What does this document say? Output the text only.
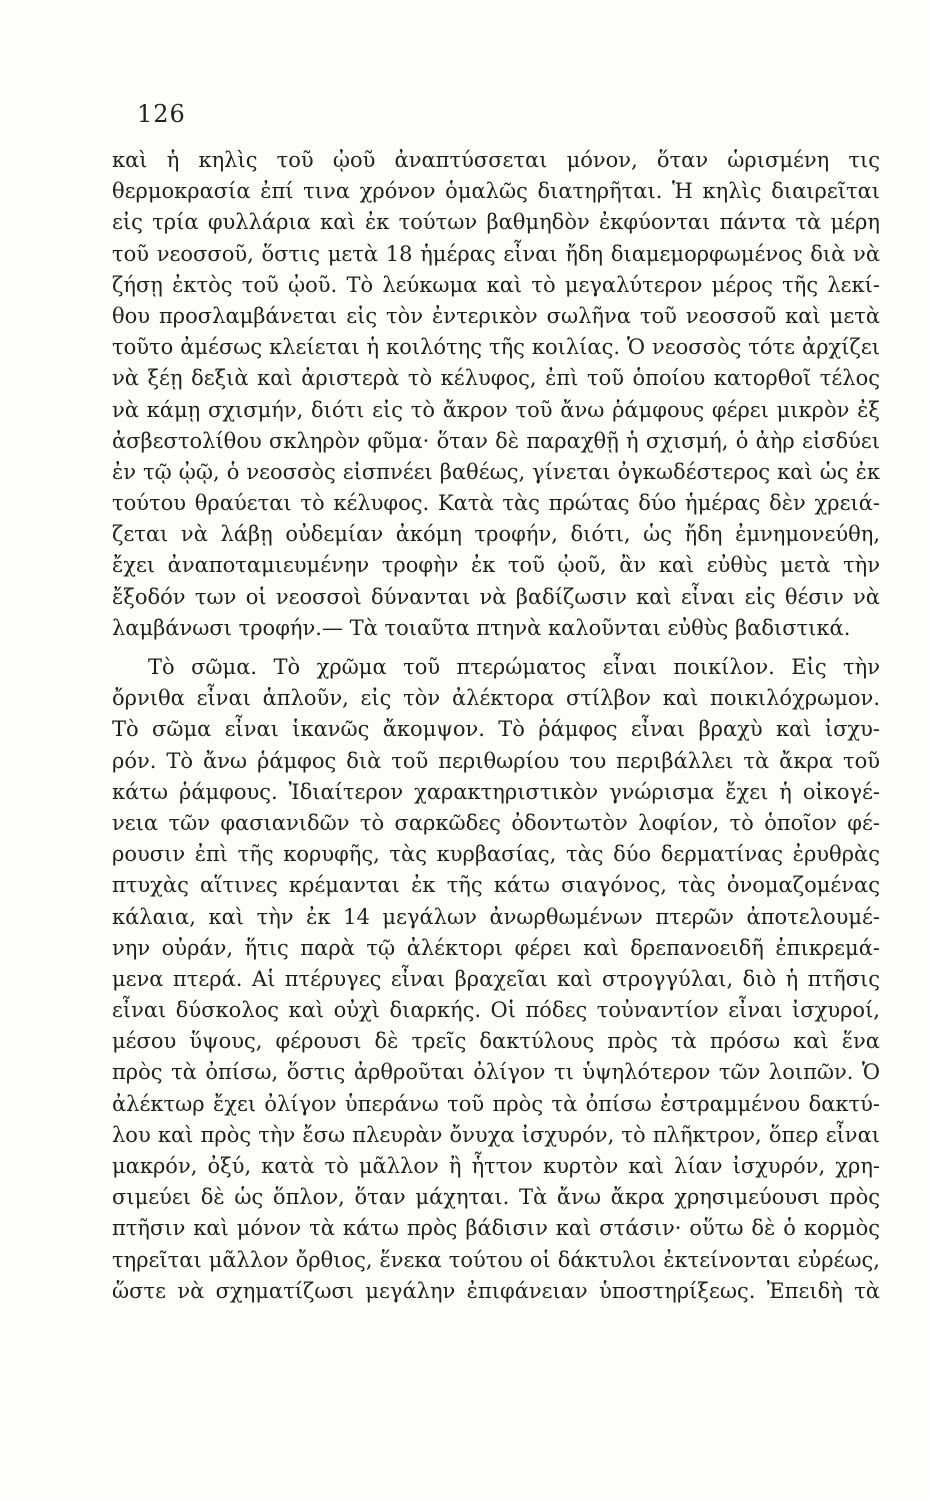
126
καὶ ἡ κηλὶς τοῦ ᾠοῦ ἀναπτύσσεται μόνον, ὅταν ὡρισμένη τις
θερμοκρασία ἐπί τινα χρόνον ὁμαλῶς διατηρῆται. Ἡ κηλὶς διαιρεῖται
εἰς τρία φυλλάρια καὶ ἐκ τούτων βαθμηδὸν ἐκφύονται πάντα τὰ μέρη
τοῦ νεοσσοῦ, ὅστις μετὰ 18 ἡμέρας εἶναι ἤδη διαμεμορφωμένος διὰ νὰ
ζήσῃ ἐκτὸς τοῦ ᾠοῦ. Τὸ λεύκωμα καὶ τὸ μεγαλύτερον μέρος τῆς λεκί-
θου προσλαμβάνεται εἰς τὸν ἐντερικὸν σωλῆνα τοῦ νεοσσοῦ καὶ μετὰ
τοῦτο ἀμέσως κλείεται ἡ κοιλότης τῆς κοιλίας. Ὁ νεοσσὸς τότε ἀρχίζει
νὰ ξέῃ δεξιὰ καὶ ἀριστερὰ τὸ κέλυφος, ἐπὶ τοῦ ὁποίου κατορθοῖ τέλος
νὰ κάμῃ σχισμήν, διότι εἰς τὸ ἄκρον τοῦ ἄνω ῥάμφους φέρει μικρὸν ἐξ
ἀσβεστολίθου σκληρὸν φῦμα· ὅταν δὲ παραχθῇ ἡ σχισμή, ὁ ἀὴρ εἰσδύει
ἐν τῷ ᾠῷ, ὁ νεοσσὸς εἰσπνέει βαθέως, γίνεται ὀγκωδέστερος καὶ ὡς ἐκ
τούτου θραύεται τὸ κέλυφος. Κατὰ τὰς πρώτας δύο ἡμέρας δὲν χρειά-
ζεται νὰ λάβῃ οὐδεμίαν ἀκόμη τροφήν, διότι, ὡς ἤδη ἐμνημονεύθη,
ἔχει ἀναποταμιευμένην τροφὴν ἐκ τοῦ ᾠοῦ, ἂν καὶ εὐθὺς μετὰ τὴν
ἔξοδόν των οἱ νεοσσοὶ δύνανται νὰ βαδίζωσιν καὶ εἶναι εἰς θέσιν νὰ
λαμβάνωσι τροφήν.— Τὰ τοιαῦτα πτηνὰ καλοῦνται εὐθὺς βαδιστικά.
Τὸ σῶμα. Τὸ χρῶμα τοῦ πτερώματος εἶναι ποικίλον. Εἰς τὴν
ὄρνιθα εἶναι ἁπλοῦν, εἰς τὸν ἀλέκτορα στίλβον καὶ ποικιλόχρωμον.
Τὸ σῶμα εἶναι ἱκανῶς ἄκομψον. Τὸ ῥάμφος εἶναι βραχὺ καὶ ἰσχυ-
ρόν. Τὸ ἄνω ῥάμφος διὰ τοῦ περιθωρίου του περιβάλλει τὰ ἄκρα τοῦ
κάτω ῥάμφους. Ἰδιαίτερον χαρακτηριστικὸν γνώρισμα ἔχει ἡ οἰκογέ-
νεια τῶν φασιανιδῶν τὸ σαρκῶδες ὀδοντωτὸν λοφίον, τὸ ὁποῖον φέ-
ρουσιν ἐπὶ τῆς κορυφῆς, τὰς κυρβασίας, τὰς δύο δερματίνας ἐρυθρὰς
πτυχὰς αἵτινες κρέμανται ἐκ τῆς κάτω σιαγόνος, τὰς ὀνομαζομένας
κάλαια, καὶ τὴν ἐκ 14 μεγάλων ἀνωρθωμένων πτερῶν ἀποτελουμέ-
νην οὐράν, ἥτις παρὰ τῷ ἀλέκτορι φέρει καὶ δρεπανοειδῆ ἐπικρεμά-
μενα πτερά. Αἱ πτέρυγες εἶναι βραχεῖαι καὶ στρογγύλαι, διὸ ἡ πτῆσις
εἶναι δύσκολος καὶ οὐχὶ διαρκής. Οἱ πόδες τοὐναντίον εἶναι ἰσχυροί,
μέσου ὕψους, φέρουσι δὲ τρεῖς δακτύλους πρὸς τὰ πρόσω καὶ ἕνα
πρὸς τὰ ὀπίσω, ὅστις ἀρθροῦται ὀλίγον τι ὑψηλότερον τῶν λοιπῶν. Ὁ
ἀλέκτωρ ἔχει ὀλίγον ὑπεράνω τοῦ πρὸς τὰ ὀπίσω ἐστραμμένου δακτύ-
λου καὶ πρὸς τὴν ἔσω πλευρὰν ὄνυχα ἰσχυρόν, τὸ πλῆκτρον, ὅπερ εἶναι
μακρόν, ὀξύ, κατὰ τὸ μᾶλλον ἢ ἧττον κυρτὸν καὶ λίαν ἰσχυρόν, χρη-
σιμεύει δὲ ὡς ὅπλον, ὅταν μάχηται. Τὰ ἄνω ἄκρα χρησιμεύουσι πρὸς
πτῆσιν καὶ μόνον τὰ κάτω πρὸς βάδισιν καὶ στάσιν· οὕτω δὲ ὁ κορμὸς
τηρεῖται μᾶλλον ὄρθιος, ἕνεκα τούτου οἱ δάκτυλοι ἐκτείνονται εὐρέως,
ὥστε νὰ σχηματίζωσι μεγάλην ἐπιφάνειαν ὑποστηρίξεως. Ἐπειδὴ τὰ
